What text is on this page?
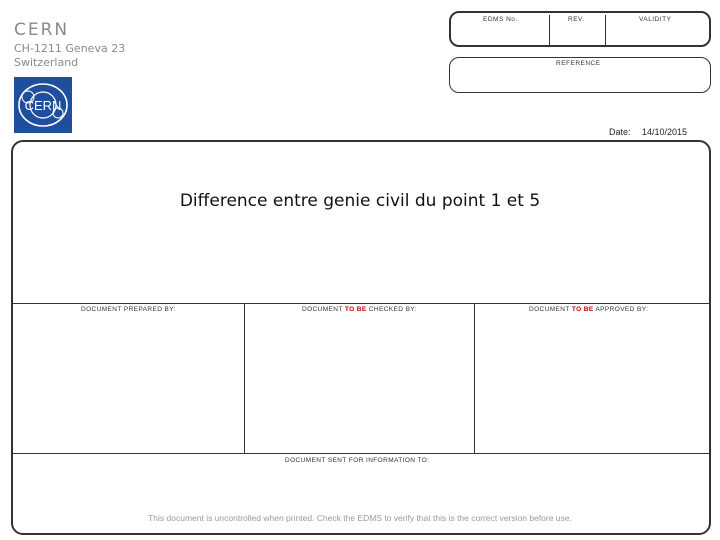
CERN
CH-1211 Geneva 23
Switzerland
CERN
EDMS No.	REV.	VALIDITY
REFERENCE
Date: 14/10/2015
Difference entre genie civil du point 1 et 5
DOCUMENT PREPARED BY:	DOCUMENT TO BE CHECKED BY:	DOCUMENT TO BE APPROVED BY:
DOCUMENT SENT FOR INFORMATION TO:
This document is uncontrolled when printed. Check the EDMS to verify that this is the correct version before use.
